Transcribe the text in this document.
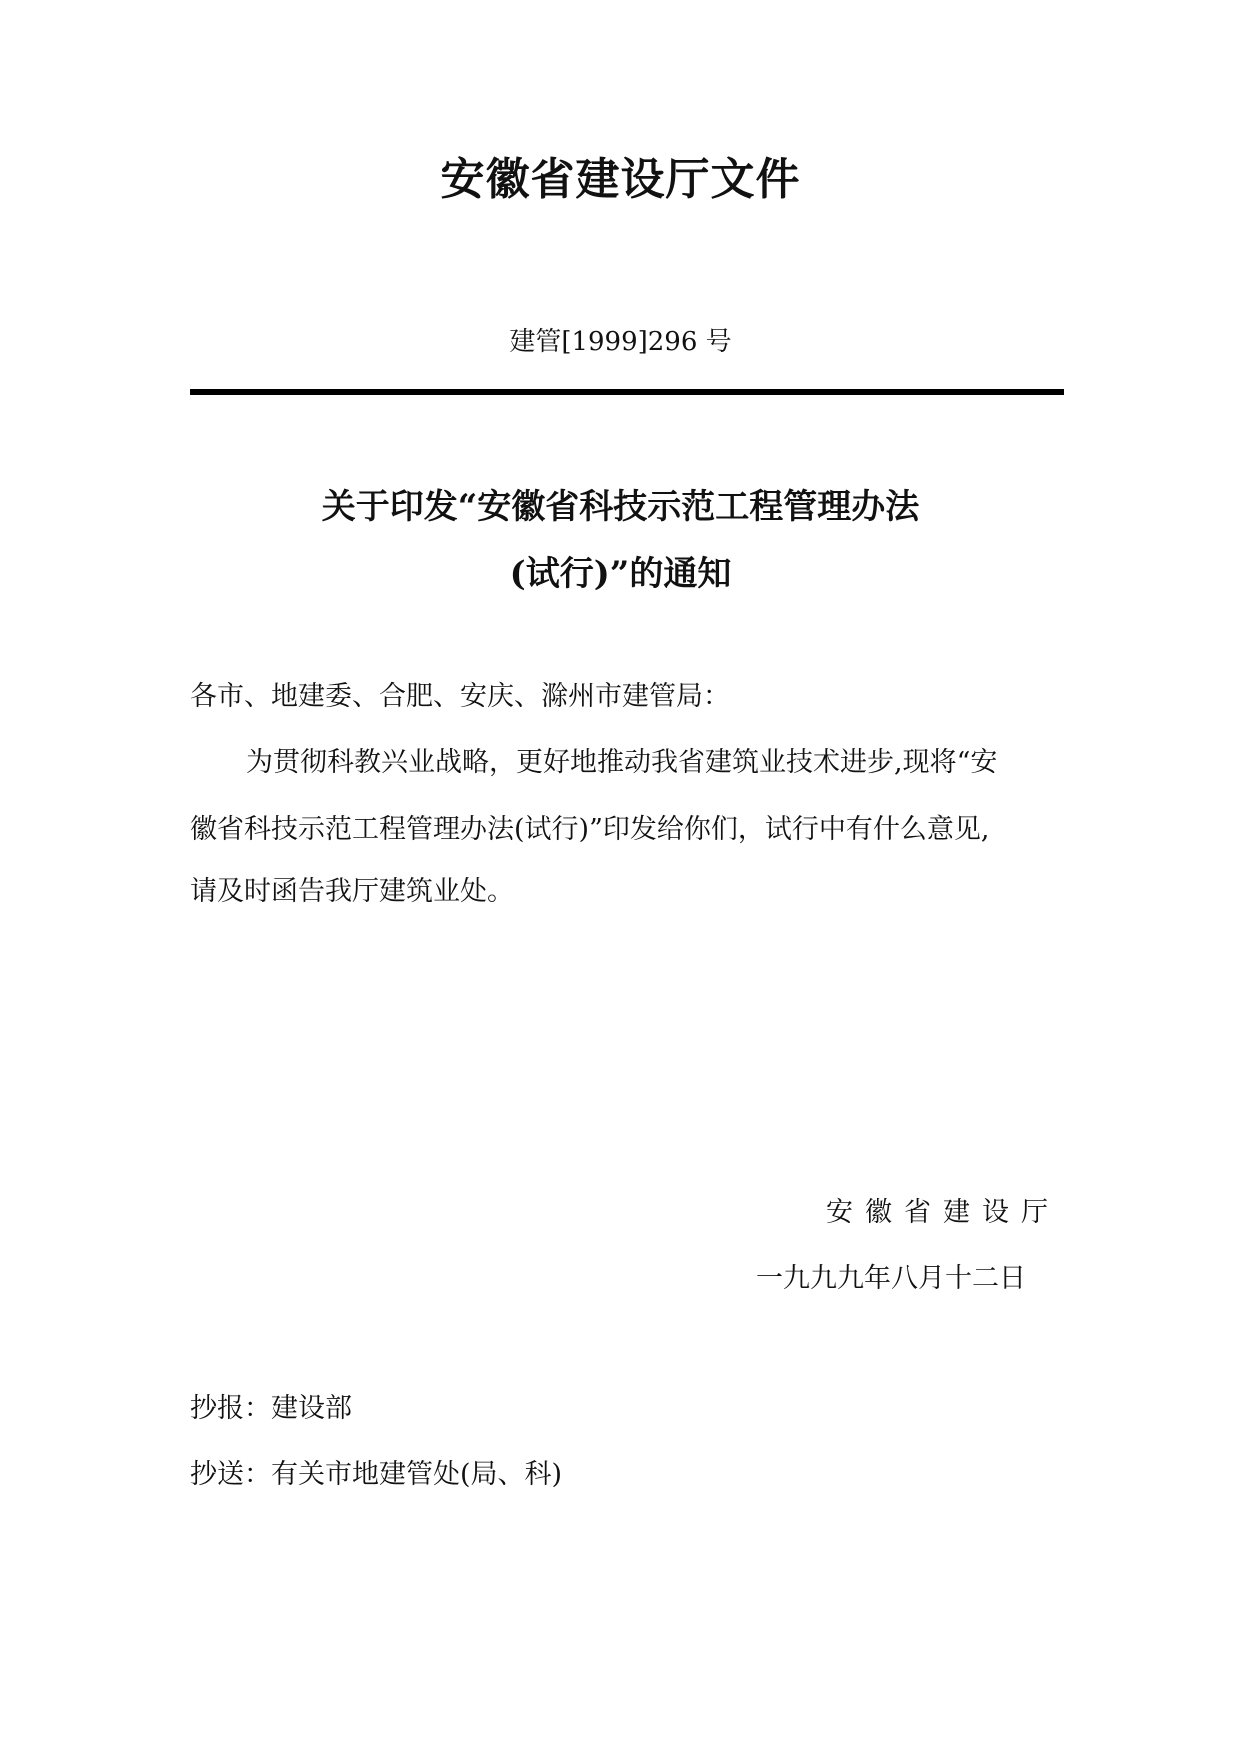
安徽省建设厅文件
建管[1999]296 号
关于印发“安徽省科技示范工程管理办法
(试行)”的通知
各市、地建委、合肥、安庆、滁州市建管局：
为贯彻科教兴业战略，更好地推动我省建筑业技术进步,现将“安
徽省科技示范工程管理办法(试行)”印发给你们，试行中有什么意见,
请及时函告我厅建筑业处。
安徽省建设厅
一九九九年八月十二日
抄报：建设部
抄送：有关市地建管处(局、科)
